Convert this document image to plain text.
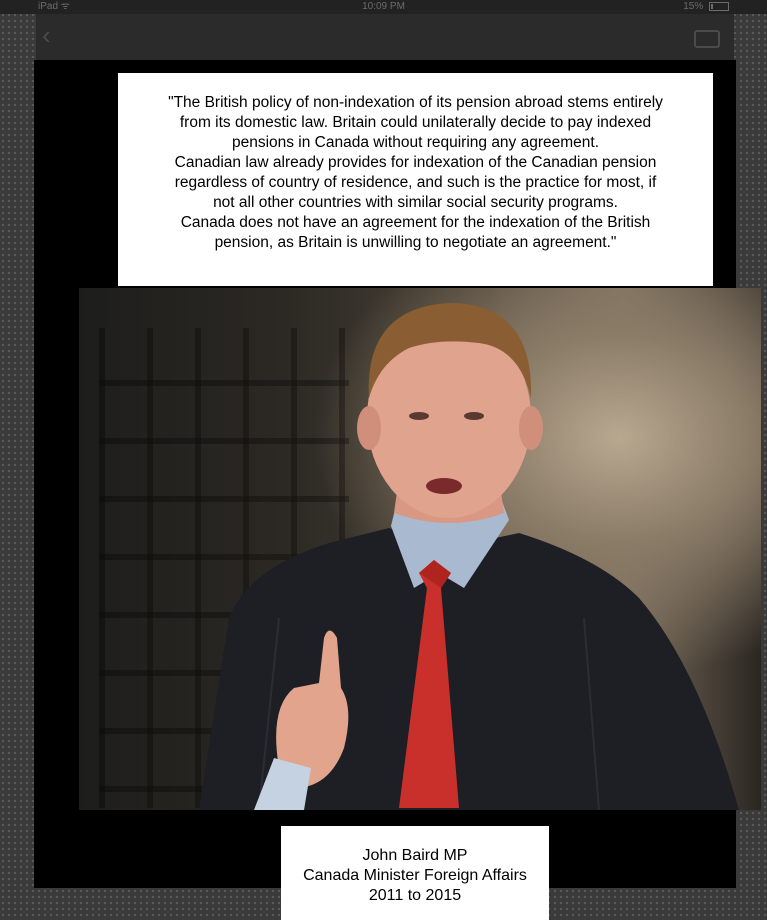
iPad ᯤ	10:09 PM	15%
‹
"The British policy of non-indexation of its pension abroad stems entirely
from its domestic law. Britain could unilaterally decide to pay indexed
pensions in Canada without requiring any agreement.
Canadian law already provides for indexation of the Canadian pension
regardless of country of residence, and such is the practice for most, if
not all other countries with similar social security programs.
Canada does not have an agreement for the indexation of the British
pension, as Britain is unwilling to negotiate an agreement."
John Baird MP
Canada Minister Foreign Affairs
2011 to 2015
